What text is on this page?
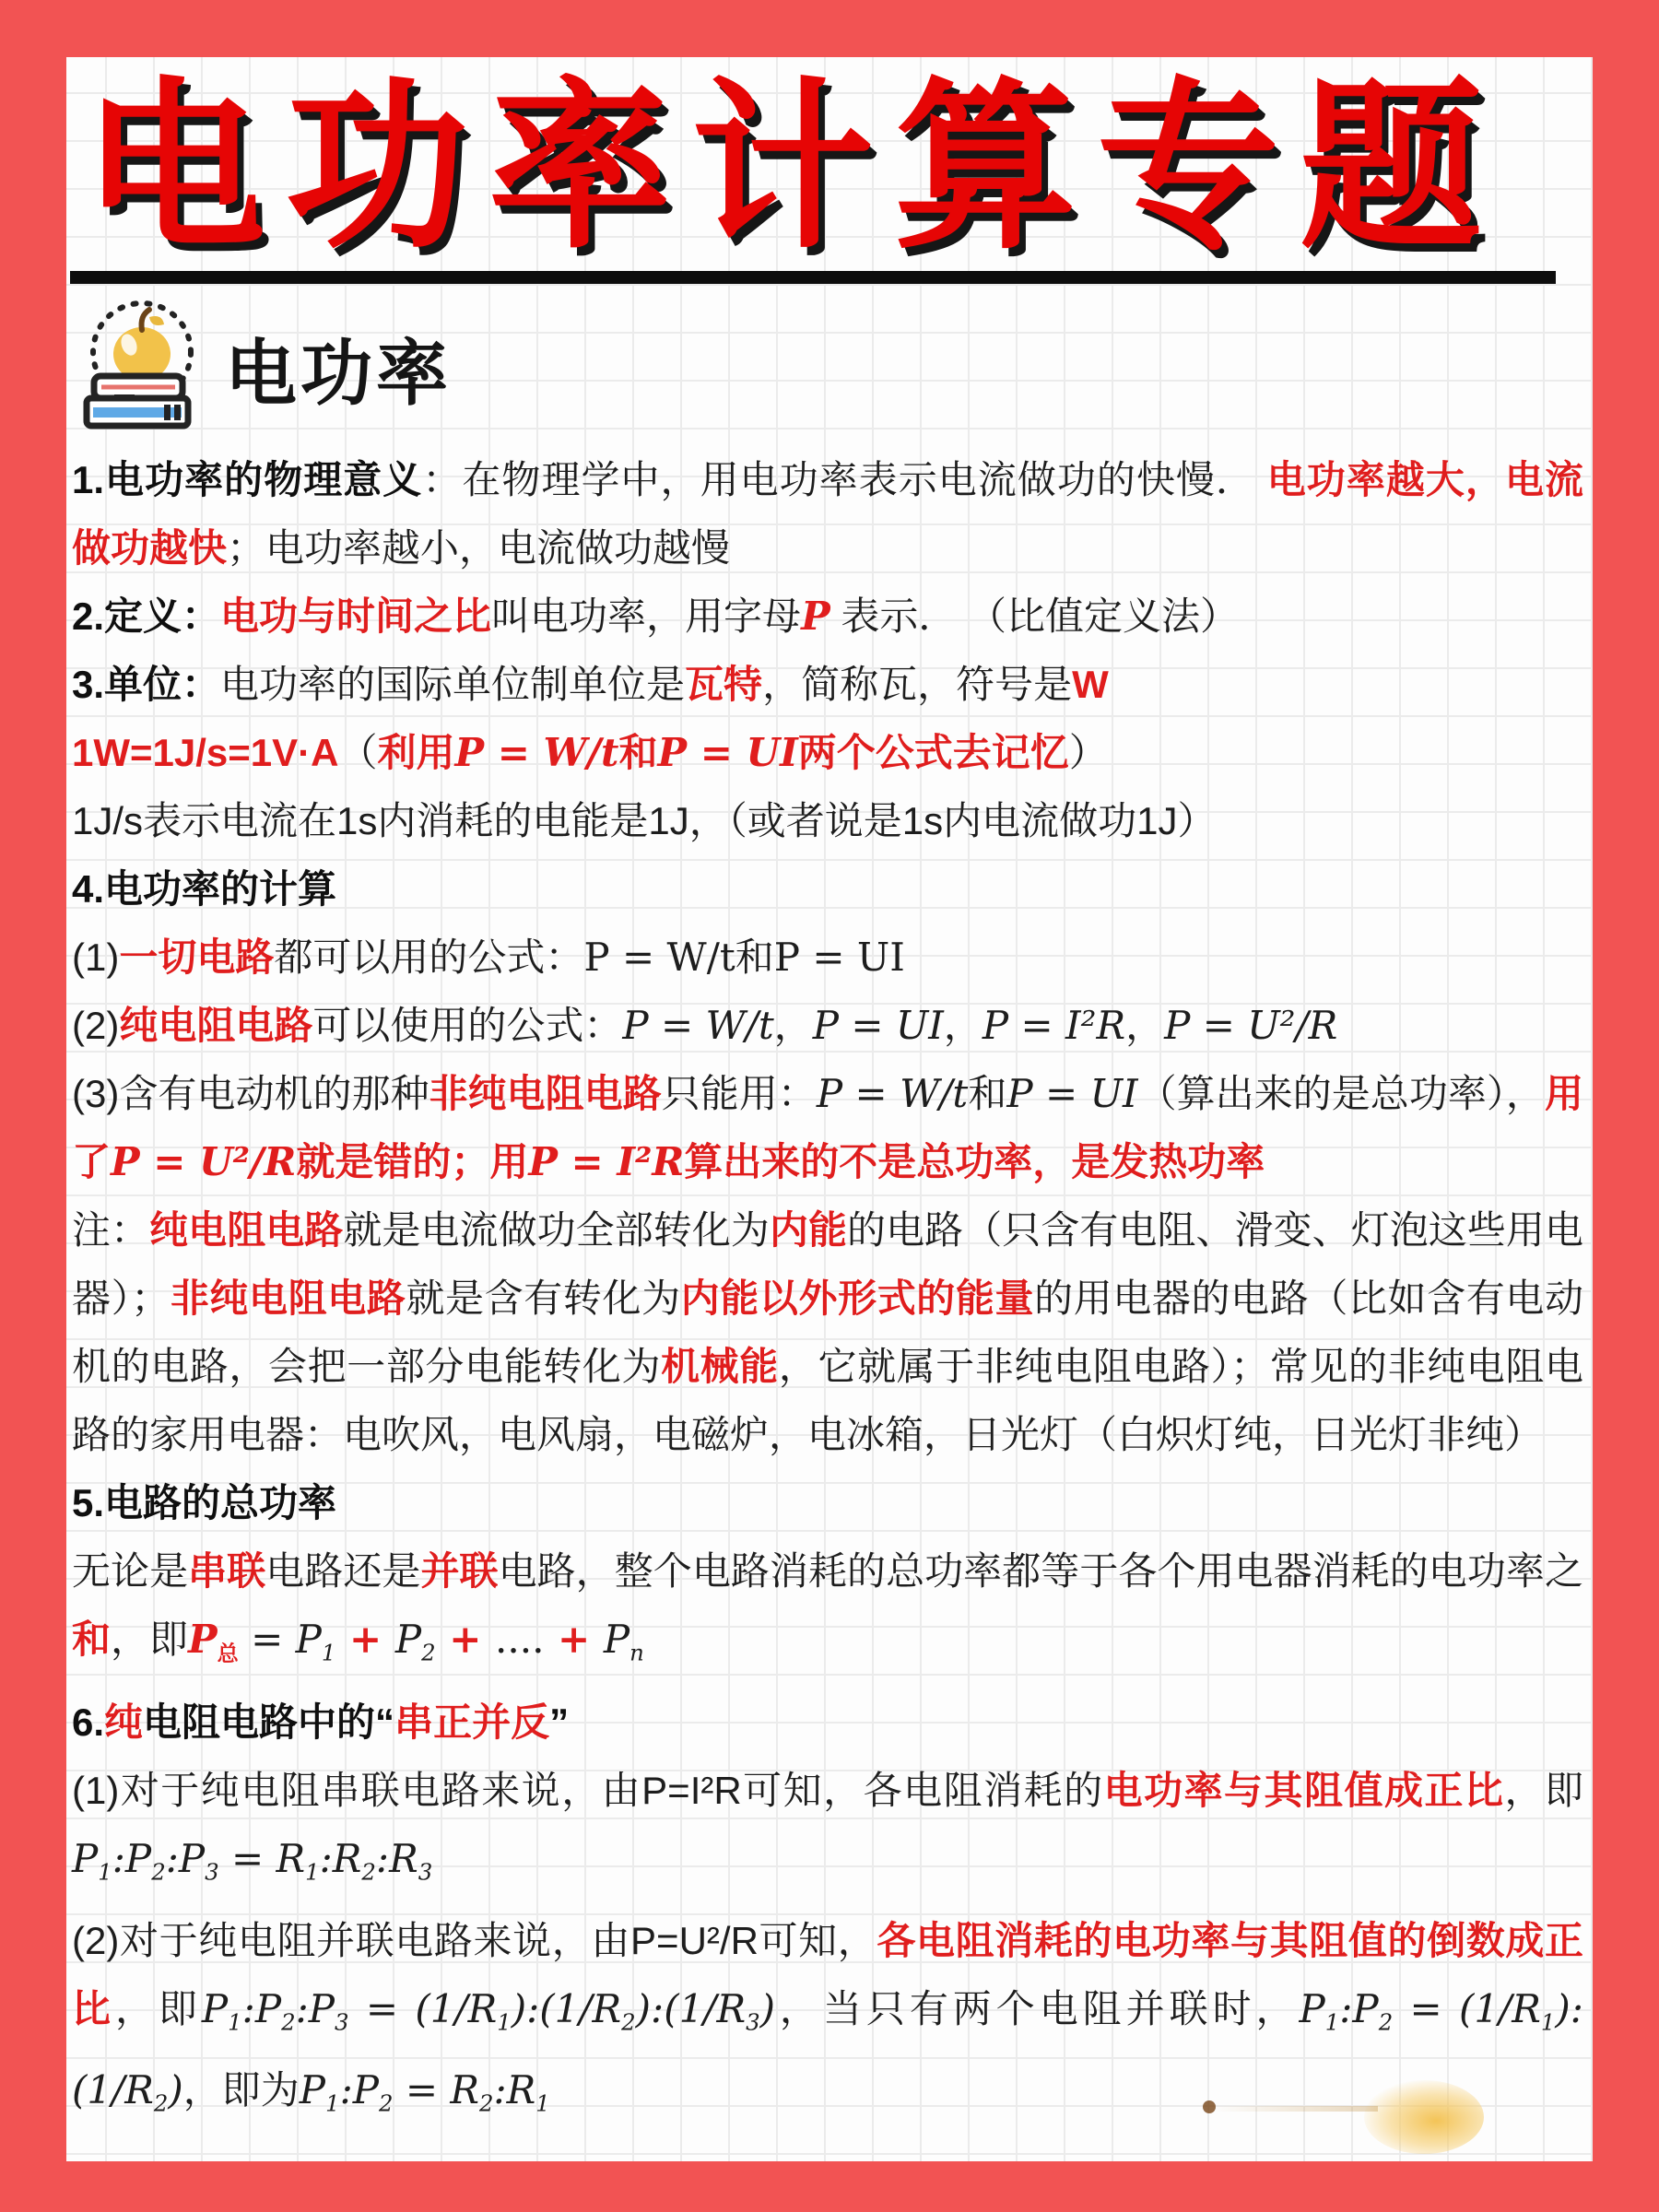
电功率计算专题
电功率
1.电功率的物理意义：在物理学中，用电功率表示电流做功的快慢． 电功率越大，电流做功越快；电功率越小，电流做功越慢
2.定义：电功与时间之比叫电功率，用字母P 表示． （比值定义法）
3.单位：电功率的国际单位制单位是瓦特，简称瓦，符号是W
1W=1J/s=1V·A（利用P = W/t和P = UI两个公式去记忆）
1J/s表示电流在1s内消耗的电能是1J，（或者说是1s内电流做功1J）
4.电功率的计算
(1)一切电路都可以用的公式：P = W/t和P = UI
(2)纯电阻电路可以使用的公式：P = W/t，P = UI，P = I²R，P = U²/R
(3)含有电动机的那种非纯电阻电路只能用：P = W/t和P = UI（算出来的是总功率），用了P = U²/R就是错的；用P = I²R算出来的不是总功率，是发热功率
注：纯电阻电路就是电流做功全部转化为内能的电路（只含有电阻、滑变、灯泡这些用电器）；非纯电阻电路就是含有转化为内能以外形式的能量的用电器的电路（比如含有电动机的电路，会把一部分电能转化为机械能，它就属于非纯电阻电路）；常见的非纯电阻电路的家用电器：电吹风，电风扇，电磁炉，电冰箱，日光灯（白炽灯纯，日光灯非纯）
5.电路的总功率
无论是串联电路还是并联电路，整个电路消耗的总功率都等于各个用电器消耗的电功率之和，即$P_总 = P_1 + P_2$ + .... + $P_n$
6.纯电阻电路中的“串正并反”
(1)对于纯电阻串联电路来说，由P=I²R可知，各电阻消耗的电功率与其阻值成正比，即$P_1:P_2:P_3$ = $R_1:R_2:R_3$
(2)对于纯电阻并联电路来说，由P=U²/R可知，各电阻消耗的电功率与其阻值的倒数成正比，即$P_1:P_2:P_3$ = $(1/R_1):(1/R_2):(1/R_3)$，当只有两个电阻并联时，$P_1:P_2$ = $(1/R_1):(1/R_2)$，即为$P_1:P_2$ = $R_2:R_1$
